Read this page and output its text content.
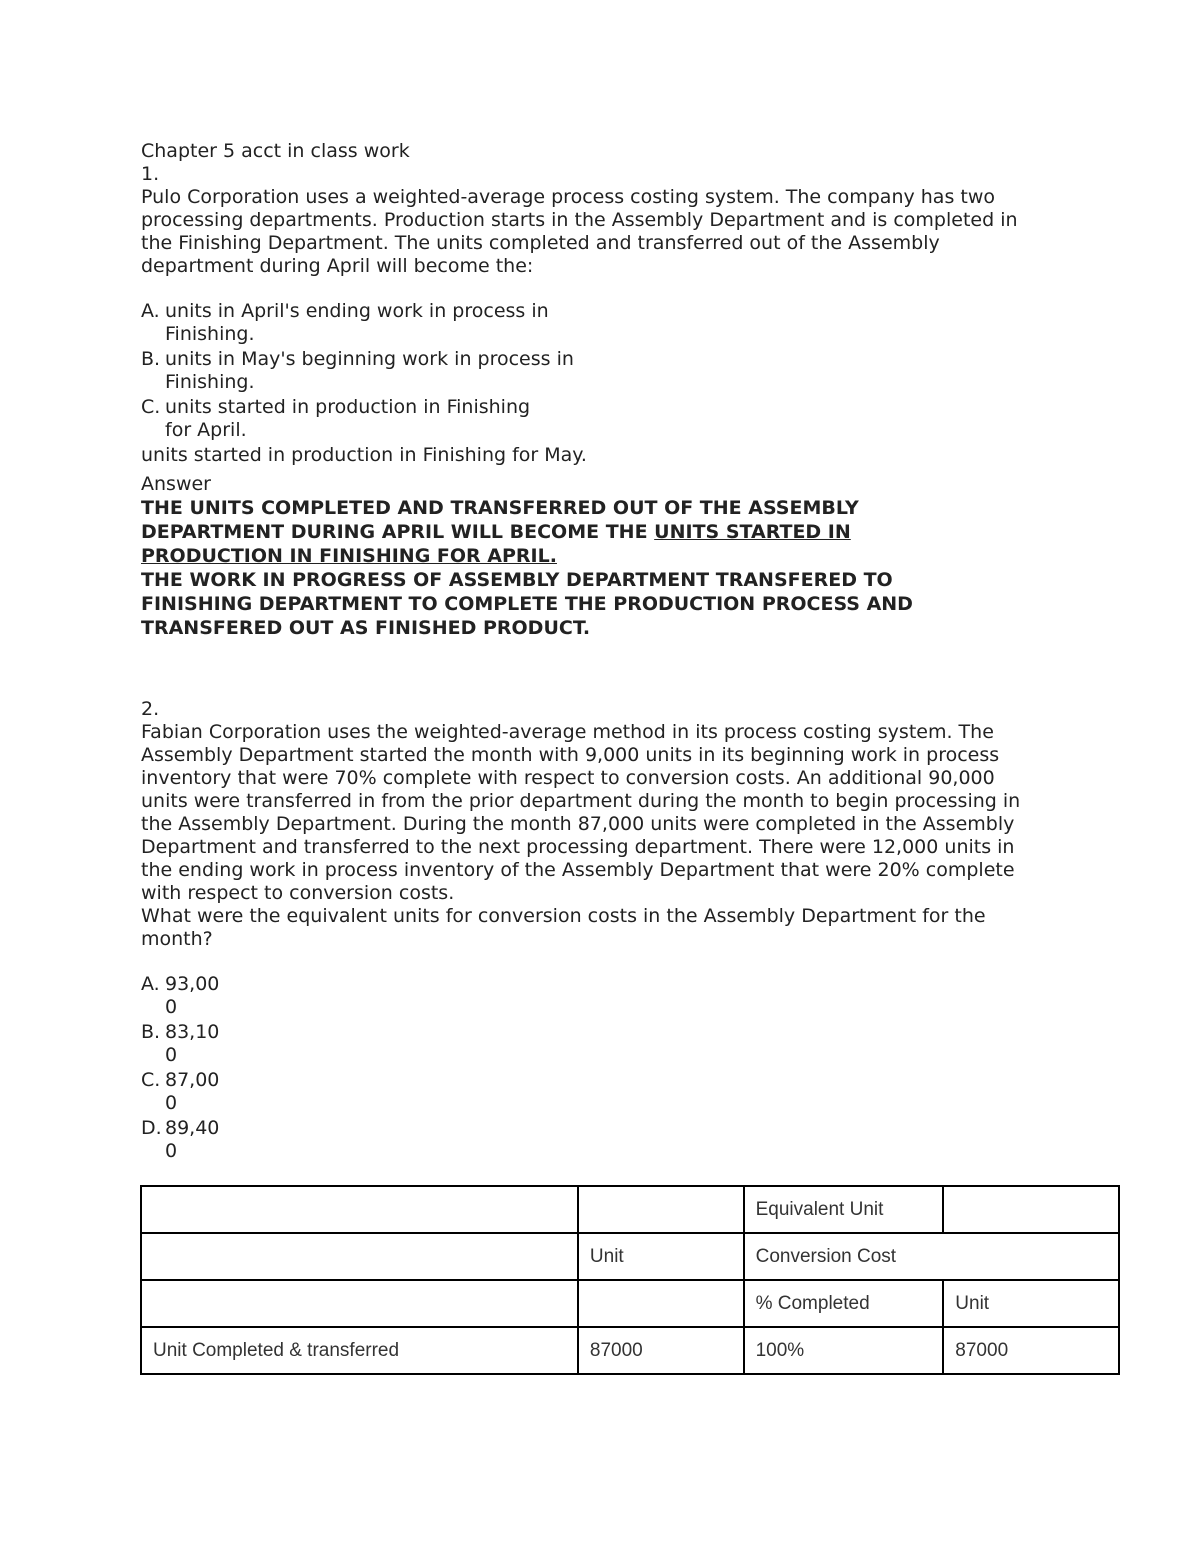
Chapter 5 acct in class work
1.
Pulo Corporation uses a weighted-average process costing system. The company has two
processing departments. Production starts in the Assembly Department and is completed in
the Finishing Department. The units completed and transferred out of the Assembly
department during April will become the:
A. units in April's ending work in process in
Finishing.
B. units in May's beginning work in process in
Finishing.
C. units started in production in Finishing
for April.
units started in production in Finishing for May.
Answer
THE UNITS COMPLETED AND TRANSFERRED OUT OF THE ASSEMBLY
DEPARTMENT DURING APRIL WILL BECOME THE UNITS STARTED IN
PRODUCTION IN FINISHING FOR APRIL.
THE WORK IN PROGRESS OF ASSEMBLY DEPARTMENT TRANSFERED TO
FINISHING DEPARTMENT TO COMPLETE THE PRODUCTION PROCESS AND
TRANSFERED OUT AS FINISHED PRODUCT.
2.
Fabian Corporation uses the weighted-average method in its process costing system. The
Assembly Department started the month with 9,000 units in its beginning work in process
inventory that were 70% complete with respect to conversion costs. An additional 90,000
units were transferred in from the prior department during the month to begin processing in
the Assembly Department. During the month 87,000 units were completed in the Assembly
Department and transferred to the next processing department. There were 12,000 units in
the ending work in process inventory of the Assembly Department that were 20% complete
with respect to conversion costs.
What were the equivalent units for conversion costs in the Assembly Department for the
month?
A. 93,00
0
B. 83,10
0
C. 87,00
0
D. 89,40
0
		Equivalent Unit	
	Unit	Conversion Cost	
		% Completed	Unit
Unit Completed & transferred	87000	100%	87000
